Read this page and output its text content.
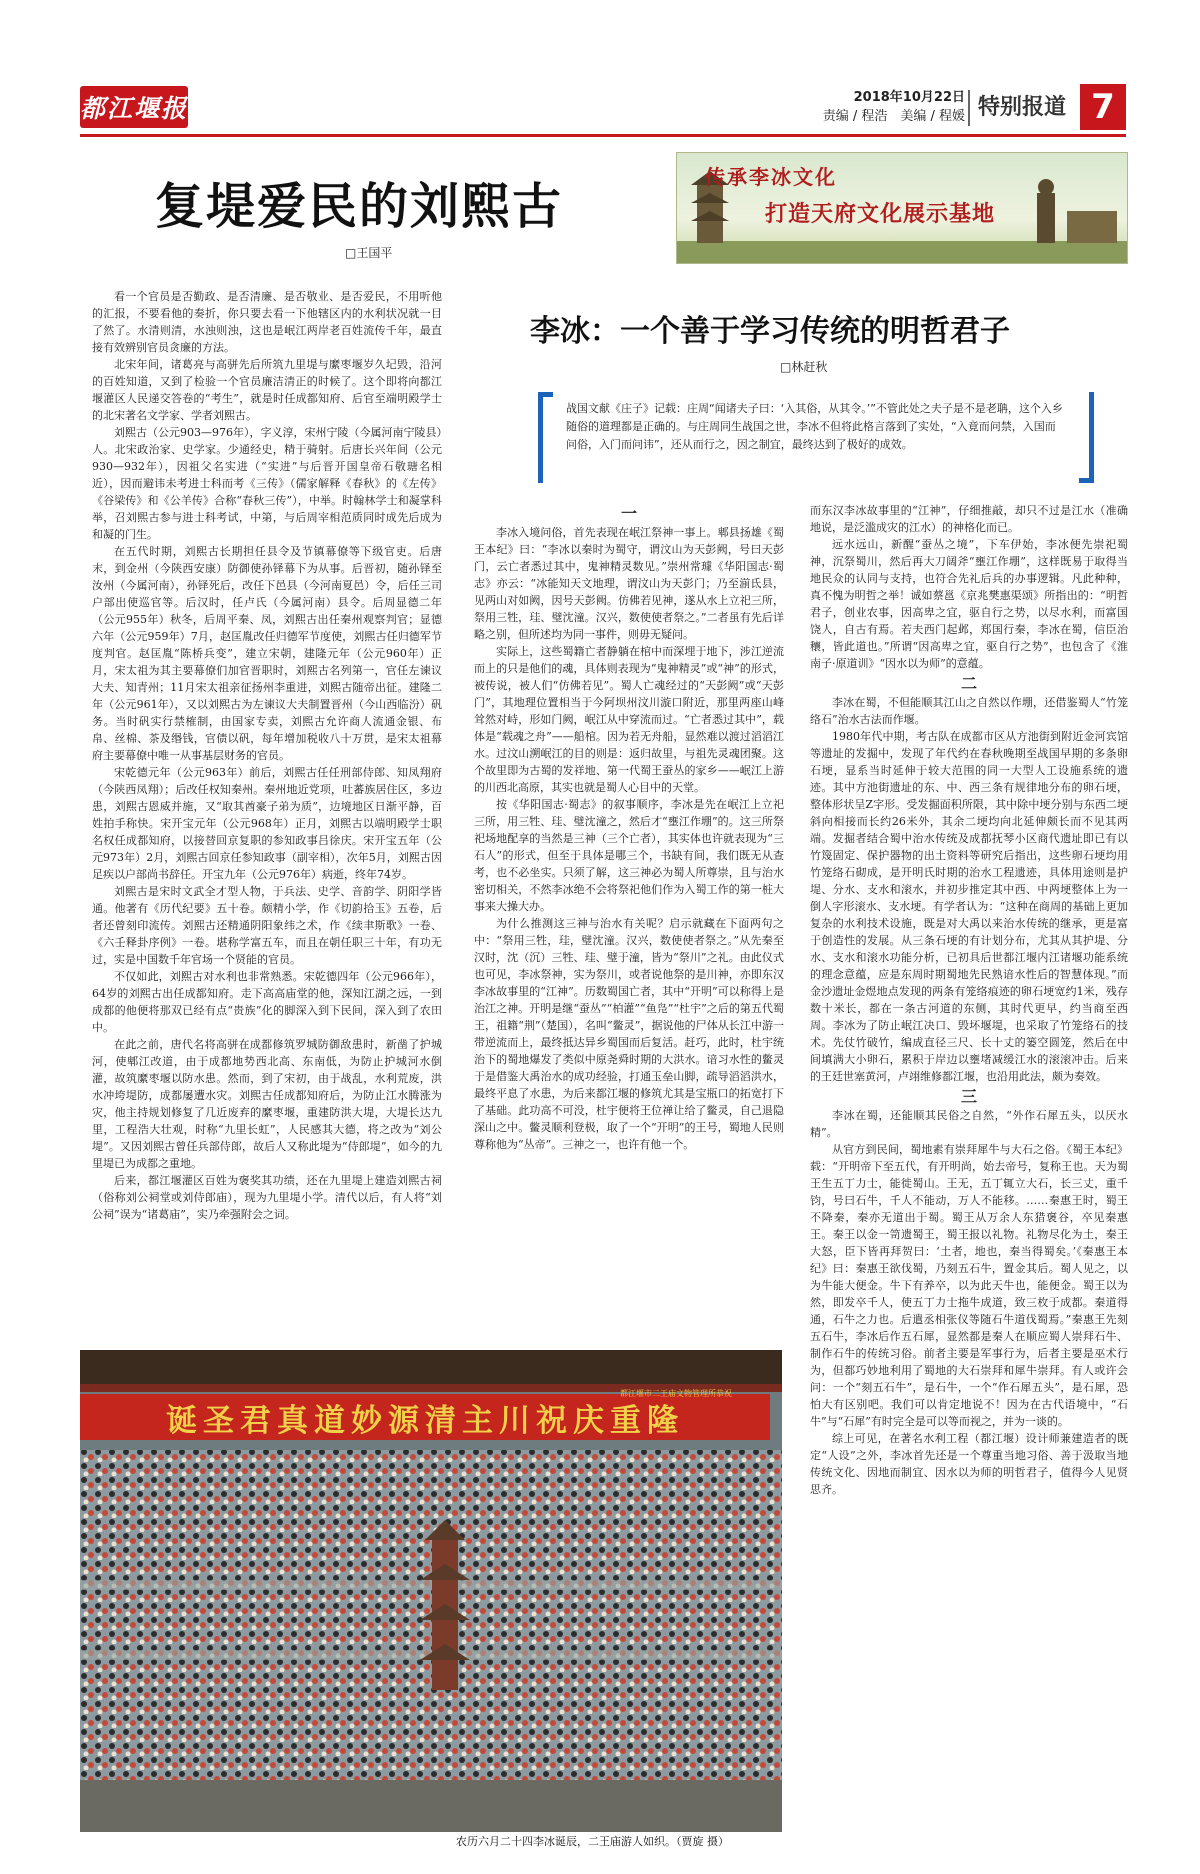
都江堰报	2018年10月22日
责编 / 程浩　美编 / 程媛 特别报道 7
传承李冰文化
打造天府文化展示基地
复堤爱民的刘熙古
□王国平
李冰：一个善于学习传统的明哲君子
□林赶秋
战国文献《庄子》记载：庄周“闻诸夫子曰：‘入其俗，从其令。’”不管此处之夫子是不是老聃，这个入乡随俗的道理都是正确的。与庄周同生战国之世，李冰不但将此格言落到了实处，“入竟而问禁，入国而问俗，入门而问讳”，还从而行之，因之制宜，最终达到了极好的成效。

看一个官员是否勤政、是否清廉、是否敬业、是否爱民，不用听他的汇报，不要看他的奏折，你只要去看一下他辖区内的水利状况就一目了然了。水清则清，水浊则浊，这也是岷江两岸老百姓流传千年，最直接有效辨别官员贪廉的方法。

北宋年间，诸葛亮与高骈先后所筑九里堤与縻枣堰岁久圮毁，沿河的百姓知道，又到了检验一个官员廉洁清正的时候了。这个即将向都江堰灌区人民递交答卷的“考生”，就是时任成都知府、后官至端明殿学士的北宋著名文学家、学者刘熙古。

刘熙古（公元903—976年），字义淳，宋州宁陵（今属河南宁陵县）人。北宋政治家、史学家。少通经史，精于骑射。后唐长兴年间（公元930—932年），因祖父名实进（“实进”与后晋开国皇帝石敬瑭名相近），因而避讳未考进士科而考《三传》（儒家解释《春秋》的《左传》《谷梁传》和《公羊传》合称“春秋三传”），中举。时翰林学士和凝掌科举，召刘熙古参与进士科考试，中第，与后周宰相范质同时成先后成为和凝的门生。

在五代时期，刘熙古长期担任县令及节镇幕僚等下级官吏。后唐末，到金州（今陕西安康）防御使孙铎幕下为从事。后晋初，随孙铎至汝州（今属河南），孙铎死后，改任下邑县（今河南夏邑）令，后任三司户部出使巡官等。后汉时，任卢氏（今属河南）县令。后周显德二年（公元955年）秋冬，后周平秦、凤，刘熙古出任秦州观察判官；显德六年（公元959年）7月，赵匡胤改任归德军节度使，刘熙古任归德军节度判官。赵匡胤“陈桥兵变”，建立宋朝，建隆元年（公元960年）正月，宋太祖为其主要幕僚们加官晋职时，刘熙古名列第一，官任左谏议大夫、知青州；11月宋太祖亲征扬州李重进，刘熙古随帝出征。建隆二年（公元961年），又以刘熙古为左谏议大夫制置晋州（今山西临汾）矾务。当时矾实行禁榷制，由国家专卖，刘熙古允许商人流通金银、布帛、丝棉、茶及缗钱，官债以矾，每年增加税收八十万贯，是宋太祖幕府主要幕僚中唯一从事基层财务的官员。

宋乾德元年（公元963年）前后，刘熙古任任刑部侍郎、知凤翔府（今陕西凤翔）；后改任权知秦州。秦州地近党项，吐蕃族居住区，多边患，刘熙古恩威并施，又“取其酋豪子弟为质”，边境地区日渐平静，百姓拍手称快。宋开宝元年（公元968年）正月，刘熙古以端明殿学士职名权任成都知府，以接替回京复职的参知政事吕徐庆。宋开宝五年（公元973年）2月，刘熙古回京任参知政事（副宰相），次年5月，刘熙古因足疾以户部尚书辞任。开宝九年（公元976年）病逝，终年74岁。

刘熙古是宋时文武全才型人物，于兵法、史学、音韵学、阴阳学皆通。他著有《历代纪要》五十卷。颇精小学，作《切韵拾玉》五卷，后者还曾刻印流传。刘熙古还精通阴阳象纬之术，作《续聿斯歌》一卷、《六壬释卦序例》一卷。堪称学富五车，而且在朝任职三十年，有功无过，实是中国数千年官场一个贤能的官员。

不仅如此，刘熙古对水利也非常熟悉。宋乾德四年（公元966年），64岁的刘熙古出任成都知府。走下高高庙堂的他，深知江湖之远，一到成都的他便将那双已经有点“贵族”化的脚深入到下民间，深入到了农田中。

在此之前，唐代名将高骈在成都修筑罗城防御敌患时，新凿了护城河，使郫江改道，由于成都地势西北高、东南低，为防止护城河水倒灌，故筑縻枣堰以防水患。然而，到了宋初，由于战乱，水利荒废，洪水冲垮堤防，成都屡遭水灾。刘熙古任成都知府后，为防止江水腾涨为灾，他主持规划修复了几近废弃的縻枣堰，重建防洪大堤，大堤长达九里，工程浩大壮观，时称“九里长虹”，人民感其大德，将之改为“刘公堤”。又因刘熙古曾任兵部侍郎，故后人又称此堤为“侍郎堤”，如今的九里堤已为成都之重地。

后来，都江堰灌区百姓为褒奖其功绩，还在九里堤上建造刘熙古祠（俗称刘公祠堂或刘侍郎庙），现为九里堤小学。清代以后，有人将“刘公祠”误为“诸葛庙”，实乃牵强附会之词。

一

李冰入境问俗，首先表现在岷江祭神一事上。郫县扬雄《蜀王本纪》曰：“李冰以秦时为蜀守，谓汶山为天彭阙，号曰天彭门，云亡者悉过其中，鬼神精灵数见。”崇州常璩《华阳国志·蜀志》亦云：“冰能知天文地理，谓汶山为天彭门；乃至湔氐县，见两山对如阙，因号天彭阙。仿佛若见神，遂从水上立祀三所，祭用三牲，珪、璧沈潼。汉兴，数使使者祭之。”二者虽有先后详略之别，但所述均为同一事件，则毋无疑问。

实际上，这些蜀籍亡者静躺在棺中而深埋于地下，涉江逆流而上的只是他们的魂，具体则表现为“鬼神精灵”或“神”的形式，被传说，被人们“仿佛若见”。蜀人亡魂经过的“天彭阙”或“天彭门”，其地理位置相当于今阿坝州汶川漩口附近，那里两座山峰耸然对峙，形如门阙，岷江从中穿流而过。“亡者悉过其中”，载体是“载魂之舟”——船棺。因为若无舟船，显然难以渡过滔滔江水。过汶山溯岷江的目的则是：返归故里，与祖先灵魂团聚。这个故里即为古蜀的发祥地、第一代蜀王蚕丛的家乡——岷江上游的川西北高原，其实也就是蜀人心目中的天堂。

按《华阳国志·蜀志》的叙事顺序，李冰是先在岷江上立祀三所，用三牲、珪、璧沈潼之，然后才“壅江作堋”的。这三所祭祀场地配享的当然是三神（三个亡者），其实体也许就表现为“三石人”的形式，但至于具体是哪三个，书缺有间，我们既无从查考，也不必坐实。只须了解，这三神必为蜀人所尊崇，且与治水密切相关，不然李冰绝不会将祭祀他们作为入蜀工作的第一桩大事来大操大办。

为什么推测这三神与治水有关呢？启示就藏在下面两句之中：“祭用三牲，珪，璧沈潼。汉兴，数使使者祭之。”从先秦至汉时，沈（沉）三牲、珪、璧于潼，皆为“祭川”之礼。由此仪式也可见，李冰祭神，实为祭川，或者说他祭的是川神，亦即东汉李冰故事里的“江神”。历数蜀国亡者，其中“开明”可以称得上是治江之神。开明是继“蚕丛”“柏灌”“鱼凫”“杜宇”之后的第五代蜀王，祖籍“荆”（楚国），名叫“鳖灵”，据说他的尸体从长江中游一带逆流而上，最终抵达异乡蜀国而后复活。赶巧，此时，杜宇统治下的蜀地爆发了类似中原尧舜时期的大洪水。谙习水性的鳖灵于是借鉴大禹治水的成功经验，打通玉垒山脚，疏导滔滔洪水，最终平息了水患，为后来都江堰的修筑尤其是宝瓶口的拓宽打下了基础。此功高不可没，杜宇便将王位禅让给了鳖灵，自己退隐深山之中。鳖灵顺利登极，取了一个“开明”的王号，蜀地人民则尊称他为“丛帝”。三神之一，也许有他一个。

而东汉李冰故事里的“江神”，仔细推敲，却只不过是江水（准确地说，是泛滥成灾的江水）的神格化而已。

远水远山，新醒“蚕丛之境”，下车伊始，李冰便先崇祀蜀神，沉祭蜀川，然后再大刀阔斧“壅江作堋”，这样既易于取得当地民众的认同与支持，也符合先礼后兵的办事逻辑。凡此种种，真不愧为明哲之举！诚如蔡邕《京兆樊惠渠颂》所指出的：“明哲君子，创业农事，因高卑之宜，驱自行之势，以尽水利，而富国饶人，自古有焉。若夫西门起邺，郑国行秦，李冰在蜀，信臣治穰，皆此道也。”所谓“因高卑之宜，驱自行之势”，也包含了《淮南子·原道训》“因水以为师”的意蕴。

二

李冰在蜀，不但能顺其江山之自然以作堋，还借鉴蜀人“竹笼络石”治水古法而作堰。

1980年代中期，考古队在成都市区从方池街到附近金河宾馆等遗址的发掘中，发现了年代约在春秋晚期至战国早期的多条卵石埂，显系当时延伸于较大范围的同一大型人工设施系统的遗迹。其中方池街遗址的东、中、西三条有规律地分布的卵石埂，整体形状呈Z字形。受发掘面积所限，其中除中埂分别与东西二埂斜向相接而长约26米外，其余二埂均向北延伸颇长而不见其两端。发掘者结合蜀中治水传统及成都抚琴小区商代遗址即已有以竹篾固定、保护器物的出土资料等研究后指出，这些卵石埂均用竹笼络石砌成，是开明氏时期的治水工程遗迹，具体用途则是护堤、分水、支水和滚水，并初步推定其中西、中两埂整体上为一倒人字形滚水、支水埂。有学者认为：“这种在商周的基础上更加复杂的水利技术设施，既是对大禹以来治水传统的继承，更是富于创造性的发展。从三条石埂的有计划分布，尤其从其护堤、分水、支水和滚水功能分析，已初具后世都江堰内江诸堰功能系统的理念意蕴，应是东周时期蜀地先民熟谙水性后的智慧体现。”而金沙遗址金煜地点发现的两条有笼络痕迹的卵石埂宽约1米，残存数十米长，都在一条古河道的东侧，其时代更早，约当商至西周。李冰为了防止岷江决口、毁坏堰堤，也采取了竹笼络石的技术。先仗竹破竹，编成直径三尺、长十丈的篓空圆笼，然后在中间填满大小卵石，累积于岸边以壅堵减缓江水的滚滚冲击。后来的王廷世塞黄河，卢翊维修都江堰，也沿用此法，颇为奏效。

三

李冰在蜀，还能顺其民俗之自然，“外作石犀五头，以厌水精”。

从官方到民间，蜀地素有崇拜犀牛与大石之俗。《蜀王本纪》载：“开明帝下至五代，有开明尚，始去帝号，复称王也。天为蜀王生五丁力士，能徙蜀山。王无，五丁辄立大石，长三丈，重千钧，号曰石牛，千人不能动，万人不能移。……秦惠王时，蜀王不降秦，秦亦无道出于蜀。蜀王从万余人东猎褒谷，卒见秦惠王。秦王以金一笥遗蜀王，蜀王报以礼物。礼物尽化为土，秦王大怒，臣下皆再拜贺曰：‘土者，地也，秦当得蜀矣。’《秦惠王本纪》曰：秦惠王欲伐蜀，乃刻五石牛，置金其后。蜀人见之，以为牛能大便金。牛下有养卒，以为此天牛也，能便金。蜀王以为然，即发卒千人，使五丁力士拖牛成道，致三枚于成都。秦道得通，石牛之力也。后遣丞相张仪等随石牛道伐蜀焉。”秦惠王先刻五石牛，李冰后作五石犀，显然都是秦人在顺应蜀人崇拜石牛、制作石牛的传统习俗。前者主要是军事行为，后者主要是巫术行为，但都巧妙地利用了蜀地的大石崇拜和犀牛崇拜。有人或许会问：一个“刻五石牛”，是石牛，一个“作石犀五头”，是石犀，恐怕大有区别吧。我们可以肯定地说不！因为在古代语境中，“石牛”与“石犀”有时完全是可以等而视之，并为一谈的。

综上可见，在著名水利工程（都江堰）设计师兼建造者的既定“人设”之外，李冰首先还是一个尊重当地习俗、善于汲取当地传统文化、因地而制宜、因水以为师的明哲君子，值得今人见贤思齐。

诞圣君真道妙源清主川祝庆重隆
都江堰市二王庙文物管理所恭祝
农历六月二十四李冰诞辰，二王庙游人如织。（贾旋 摄）
